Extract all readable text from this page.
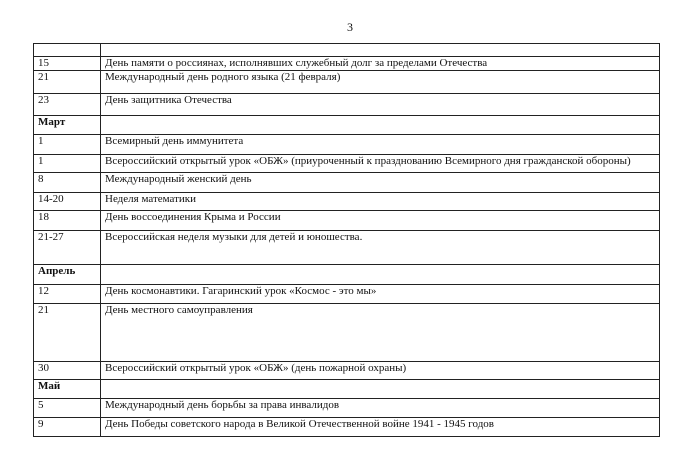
3

15	День памяти о россиянах, исполнявших служебный долг за пределами Отечества
21	Международный день родного языка (21 февраля)
23	День защитника Отечества
Март	
1	Всемирный день иммунитета
1	Всероссийский открытый урок «ОБЖ» (приуроченный к празднованию Всемирного дня гражданской обороны)
8	Международный женский день
14-20	Неделя математики
18	День воссоединения Крыма и России
21-27	Всероссийская неделя музыки для детей и юношества.
Апрель	
12	День космонавтики. Гагаринский урок «Космос - это мы»
21	День местного самоуправления
30	Всероссийский открытый урок «ОБЖ» (день пожарной охраны)
Май	
5	Международный день борьбы за права инвалидов
9	День Победы советского народа в Великой Отечественной войне 1941 - 1945 годов
